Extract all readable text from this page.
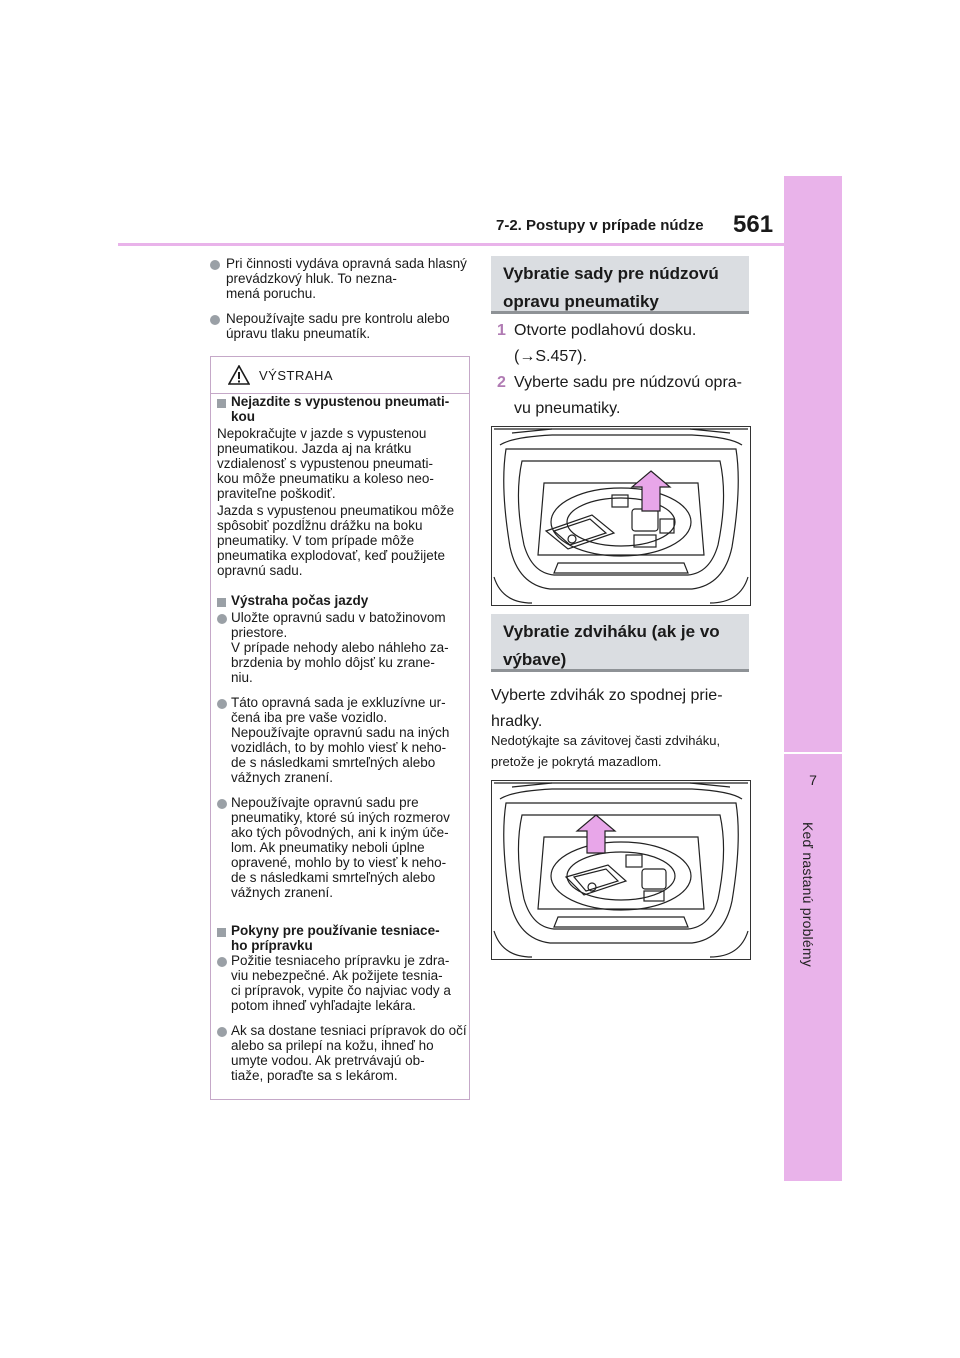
7-2. Postupy v prípade núdze 561
7
Keď nastanú problémy
Pri činnosti vydáva opravná sada hlasný prevádzkový hluk. To nezna-
mená poruchu.
Nepoužívajte sadu pre kontrolu alebo úpravu tlaku pneumatík.
VÝSTRAHA
Nejazdite s vypustenou pneumati-
kou
Nepokračujte v jazde s vypustenou pneumatikou. Jazda aj na krátku vzdialenosť s vypustenou pneumati-
kou môže pneumatiku a koleso neo-
praviteľne poškodiť.
Jazda s vypustenou pneumatikou môže spôsobiť pozdĺžnu drážku na boku pneumatiky. V tom prípade môže pneumatika explodovať, keď použijete opravnú sadu.
Výstraha počas jazdy
Uložte opravnú sadu v batožinovom priestore.
V prípade nehody alebo náhleho za-
brzdenia by mohlo dôjsť ku zrane-
niu.
Táto opravná sada je exkluzívne ur-
čená iba pre vaše vozidlo.
Nepoužívajte opravnú sadu na iných vozidlách, to by mohlo viesť k neho-
de s následkami smrteľných alebo vážnych zranení.
Nepoužívajte opravnú sadu pre pneumatiky, ktoré sú iných rozmerov ako tých pôvodných, ani k iným úče-
lom. Ak pneumatiky neboli úplne opravené, mohlo by to viesť k neho-
de s následkami smrteľných alebo vážnych zranení.
Pokyny pre používanie tesniace-
ho prípravku
Požitie tesniaceho prípravku je zdra-
viu nebezpečné. Ak požijete tesnia-
ci prípravok, vypite čo najviac vody a potom ihneď vyhľadajte lekára.
Ak sa dostane tesniaci prípravok do očí alebo sa prilepí na kožu, ihneď ho umyte vodou. Ak pretrvávajú ob-
tiaže, poraďte sa s lekárom.
Vybratie sady pre núdzovú
opravu pneumatiky
1 Otvorte podlahovú dosku.
(→S.457).
2 Vyberte sadu pre núdzovú opra-
vu pneumatiky.
Vybratie zdviháku (ak je vo
výbave)
Vyberte zdvihák zo spodnej prie-
hradky.
Nedotýkajte sa závitovej časti zdviháku,
pretože je pokrytá mazadlom.
